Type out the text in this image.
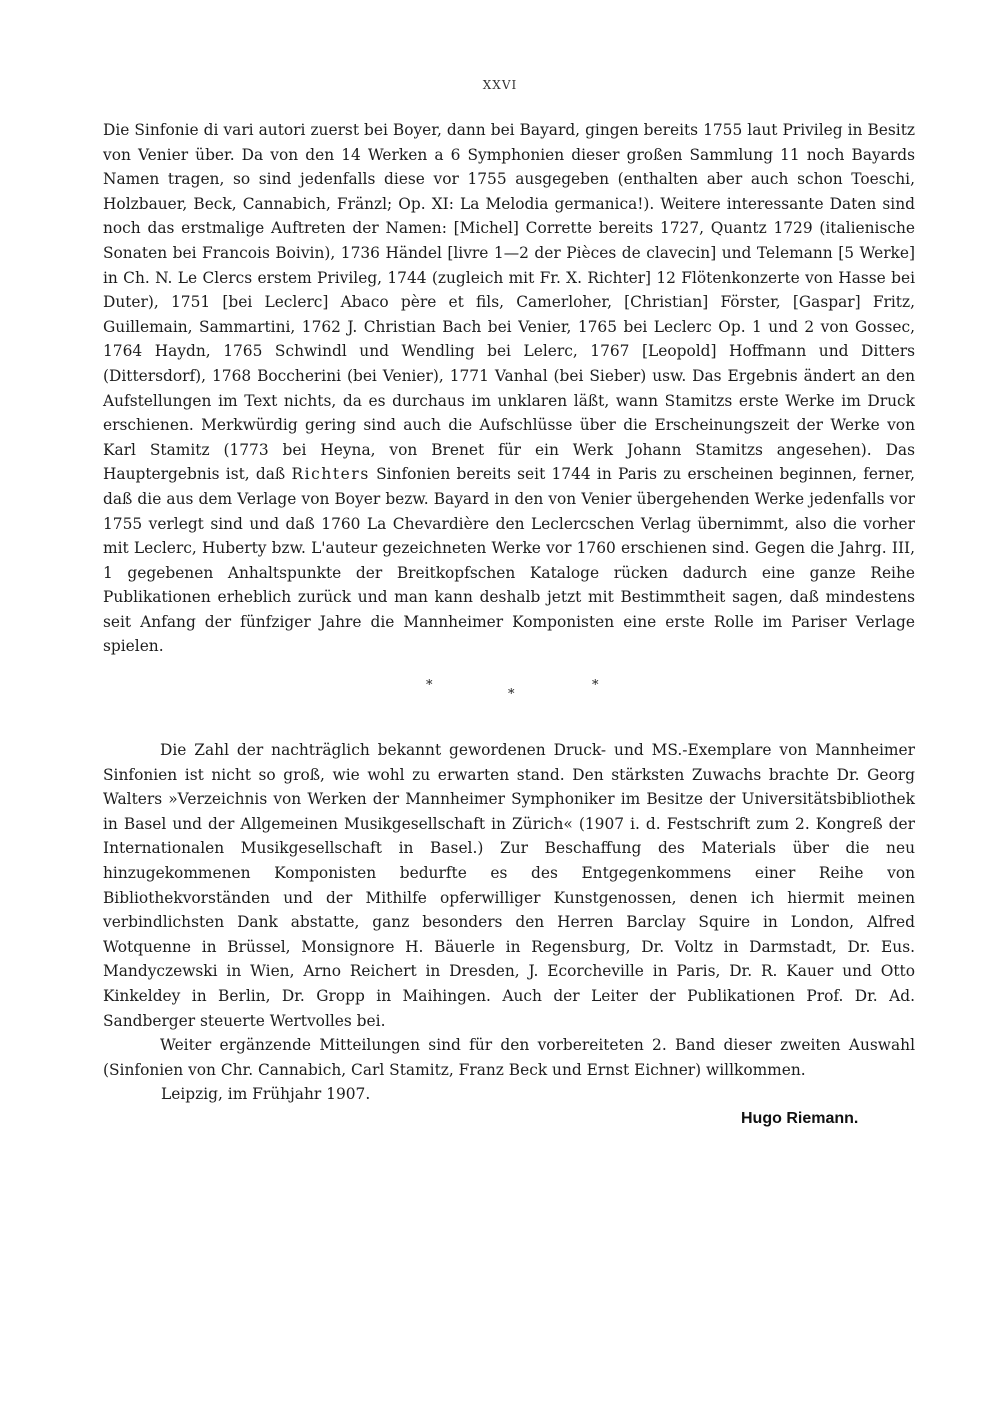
XXVI

Die Sinfonie di vari autori zuerst bei Boyer, dann bei Bayard, gingen bereits 1755 laut Privileg in Besitz von Venier über. Da von den 14 Werken a 6 Symphonien dieser großen Sammlung 11 noch Bayards Namen tragen, so sind jedenfalls diese vor 1755 ausgegeben (enthalten aber auch schon Toeschi, Holzbauer, Beck, Cannabich, Fränzl; Op. XI: La Melodia germanica!). Weitere interessante Daten sind noch das erstmalige Auftreten der Namen: [Michel] Corrette bereits 1727, Quantz 1729 (italienische Sonaten bei Francois Boivin), 1736 Händel [livre 1—2 der Pièces de clavecin] und Telemann [5 Werke] in Ch. N. Le Clercs erstem Privileg, 1744 (zugleich mit Fr. X. Richter] 12 Flötenkonzerte von Hasse bei Duter), 1751 [bei Leclerc] Abaco père et fils, Camerloher, [Christian] Förster, [Gaspar] Fritz, Guillemain, Sammartini, 1762 J. Christian Bach bei Venier, 1765 bei Leclerc Op. 1 und 2 von Gossec, 1764 Haydn, 1765 Schwindl und Wendling bei Lelerc, 1767 [Leopold] Hoffmann und Ditters (Dittersdorf), 1768 Boccherini (bei Venier), 1771 Vanhal (bei Sieber) usw. Das Ergebnis ändert an den Aufstellungen im Text nichts, da es durchaus im unklaren läßt, wann Stamitzs erste Werke im Druck erschienen. Merkwürdig gering sind auch die Aufschlüsse über die Erscheinungszeit der Werke von Karl Stamitz (1773 bei Heyna, von Brenet für ein Werk Johann Stamitzs angesehen). Das Hauptergebnis ist, daß Richters Sinfonien bereits seit 1744 in Paris zu erscheinen beginnen, ferner, daß die aus dem Verlage von Boyer bezw. Bayard in den von Venier übergehenden Werke jedenfalls vor 1755 verlegt sind und daß 1760 La Chevardière den Leclercschen Verlag übernimmt, also die vorher mit Leclerc, Huberty bzw. L'auteur gezeichneten Werke vor 1760 erschienen sind. Gegen die Jahrg. III, 1 gegebenen Anhaltspunkte der Breitkopfschen Kataloge rücken dadurch eine ganze Reihe Publikationen erheblich zurück und man kann deshalb jetzt mit Bestimmtheit sagen, daß mindestens seit Anfang der fünfziger Jahre die Mannheimer Komponisten eine erste Rolle im Pariser Verlage spielen.

*
*
*

Die Zahl der nachträglich bekannt gewordenen Druck- und MS.-Exemplare von Mannheimer Sinfonien ist nicht so groß, wie wohl zu erwarten stand. Den stärksten Zuwachs brachte Dr. Georg Walters »Verzeichnis von Werken der Mannheimer Symphoniker im Besitze der Universitätsbibliothek in Basel und der Allgemeinen Musikgesellschaft in Zürich« (1907 i. d. Festschrift zum 2. Kongreß der Internationalen Musikgesellschaft in Basel.) Zur Beschaffung des Materials über die neu hinzugekommenen Komponisten bedurfte es des Entgegenkommens einer Reihe von Bibliothekvorständen und der Mithilfe opferwilliger Kunstgenossen, denen ich hiermit meinen verbindlichsten Dank abstatte, ganz besonders den Herren Barclay Squire in London, Alfred Wotquenne in Brüssel, Monsignore H. Bäuerle in Regensburg, Dr. Voltz in Darmstadt, Dr. Eus. Mandyczewski in Wien, Arno Reichert in Dresden, J. Ecorcheville in Paris, Dr. R. Kauer und Otto Kinkeldey in Berlin, Dr. Gropp in Maihingen. Auch der Leiter der Publikationen Prof. Dr. Ad. Sandberger steuerte Wertvolles bei.

Weiter ergänzende Mitteilungen sind für den vorbereiteten 2. Band dieser zweiten Auswahl (Sinfonien von Chr. Cannabich, Carl Stamitz, Franz Beck und Ernst Eichner) willkommen.

Leipzig, im Frühjahr 1907.
Hugo Riemann.
